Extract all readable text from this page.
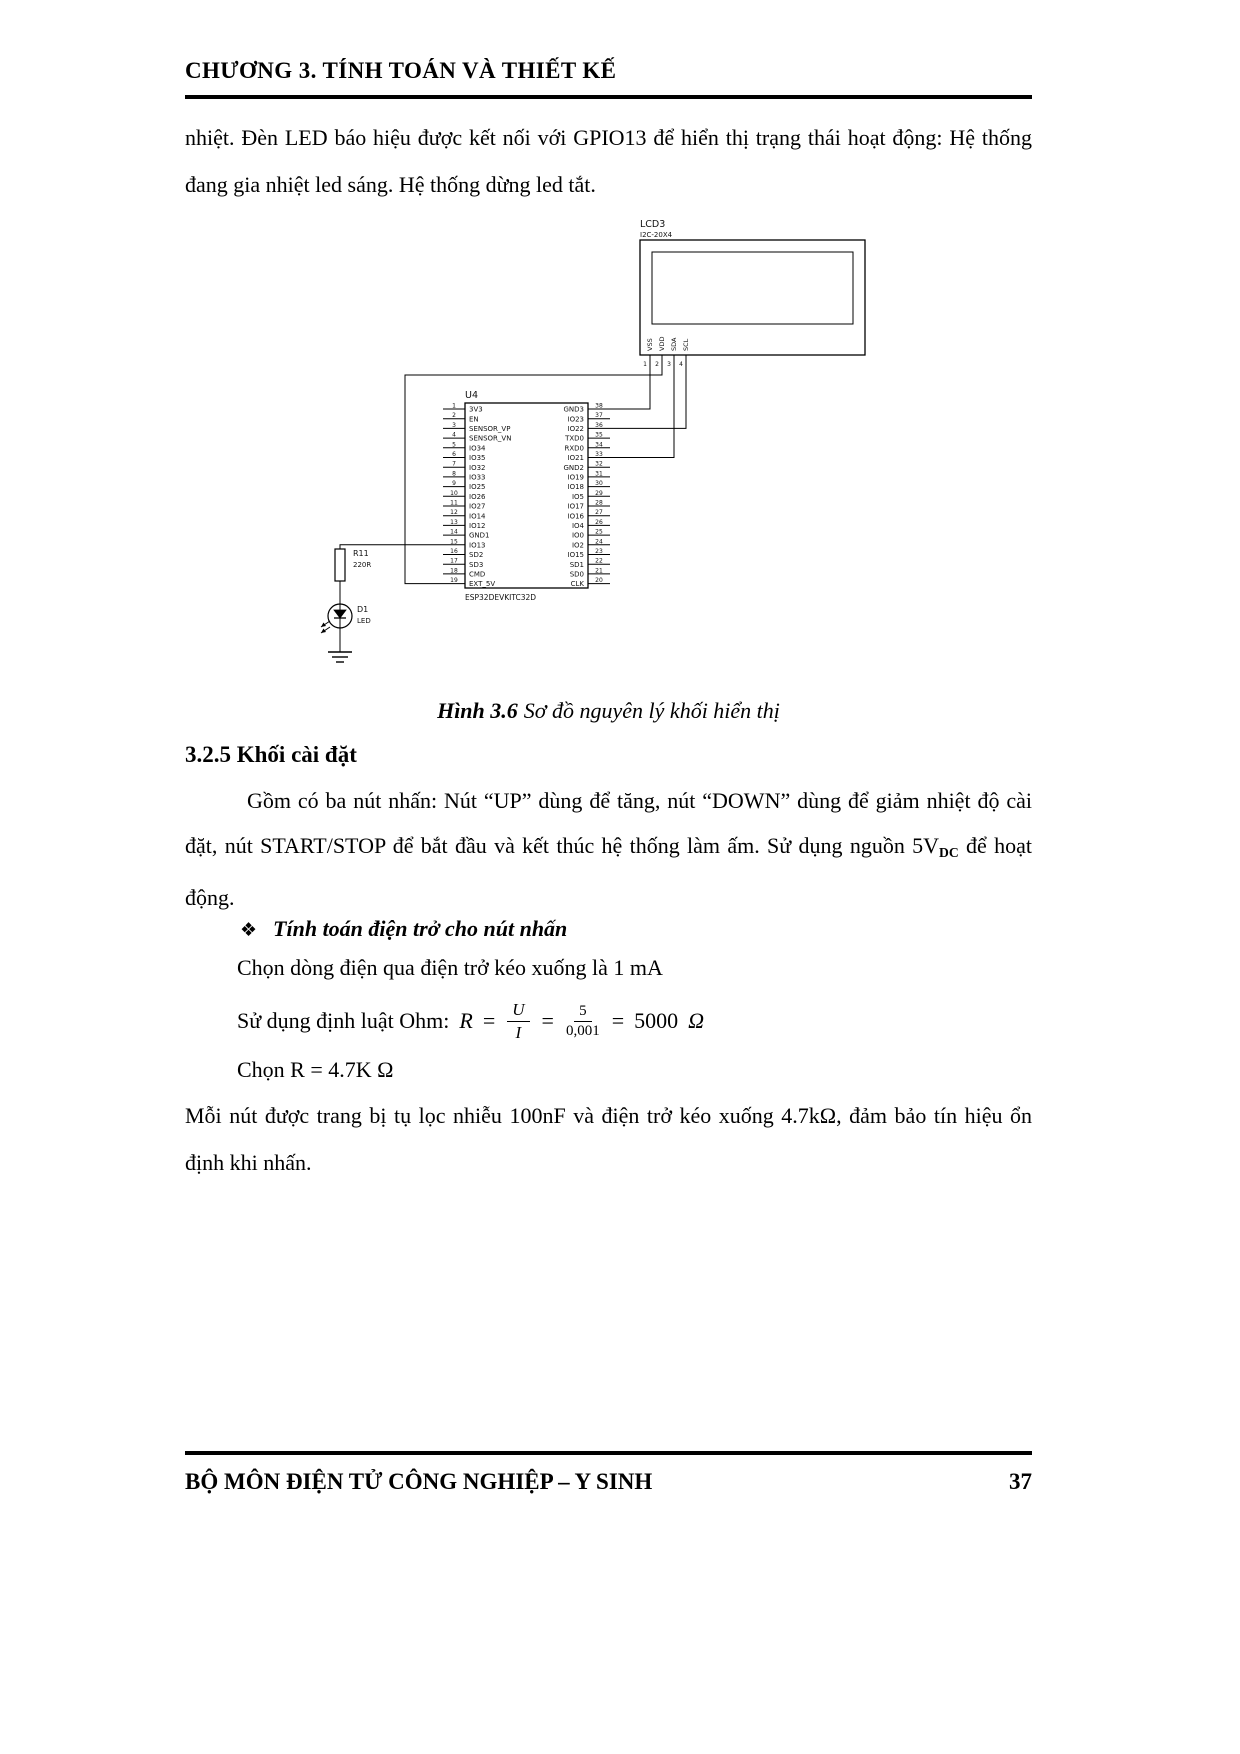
CHƯƠNG 3. TÍNH TOÁN VÀ THIẾT KẾ

nhiệt. Đèn LED báo hiệu được kết nối với GPIO13 để hiển thị trạng thái hoạt động: Hệ thống đang gia nhiệt led sáng. Hệ thống dừng led tắt.

LCD3
I2C-20X4
VSS
1
VDD
2
SDA
3
SCL
4
U4
ESP32DEVKITC32D
1 3V3
2 EN
3 SENSOR_VP
4 SENSOR_VN
5 IO34
6 IO35
7 IO32
8 IO33
9 IO25
10 IO26
11 IO27
12 IO14
13 IO12
14 GND1
15 IO13
16 SD2
17 SD3
18 CMD
19 EXT_5V
38
GND3
37
IO23
36
IO22
35
TXD0
34
RXD0
33
IO21
32
GND2
31
IO19
30
IO18
29
IO5
28
IO17
27
IO16
26
IO4
25
IO0
24
IO2
23
IO15
22
SD1
21
SD0
20
CLK
R11
220R
D1
LED

Hình 3.6 Sơ đồ nguyên lý khối hiển thị

3.2.5 Khối cài đặt

Gồm có ba nút nhấn: Nút “UP” dùng để tăng, nút “DOWN” dùng để giảm nhiệt độ cài đặt, nút START/STOP để bắt đầu và kết thúc hệ thống làm ấm. Sử dụng nguồn $5V_{DC}$ để hoạt động.

❖ Tính toán điện trở cho nút nhấn

Chọn dòng điện qua điện trở kéo xuống là 1 mA

Sử dụng định luật Ohm: $R = \frac{U}{I} = \frac{5}{0,001} = 5000$ Ω

Chọn R = 4.7K Ω

Mỗi nút được trang bị tụ lọc nhiễu 100nF và điện trở kéo xuống 4.7kΩ, đảm bảo tín hiệu ổn định khi nhấn.

BỘ MÔN ĐIỆN TỬ CÔNG NGHIỆP – Y SINH	37
